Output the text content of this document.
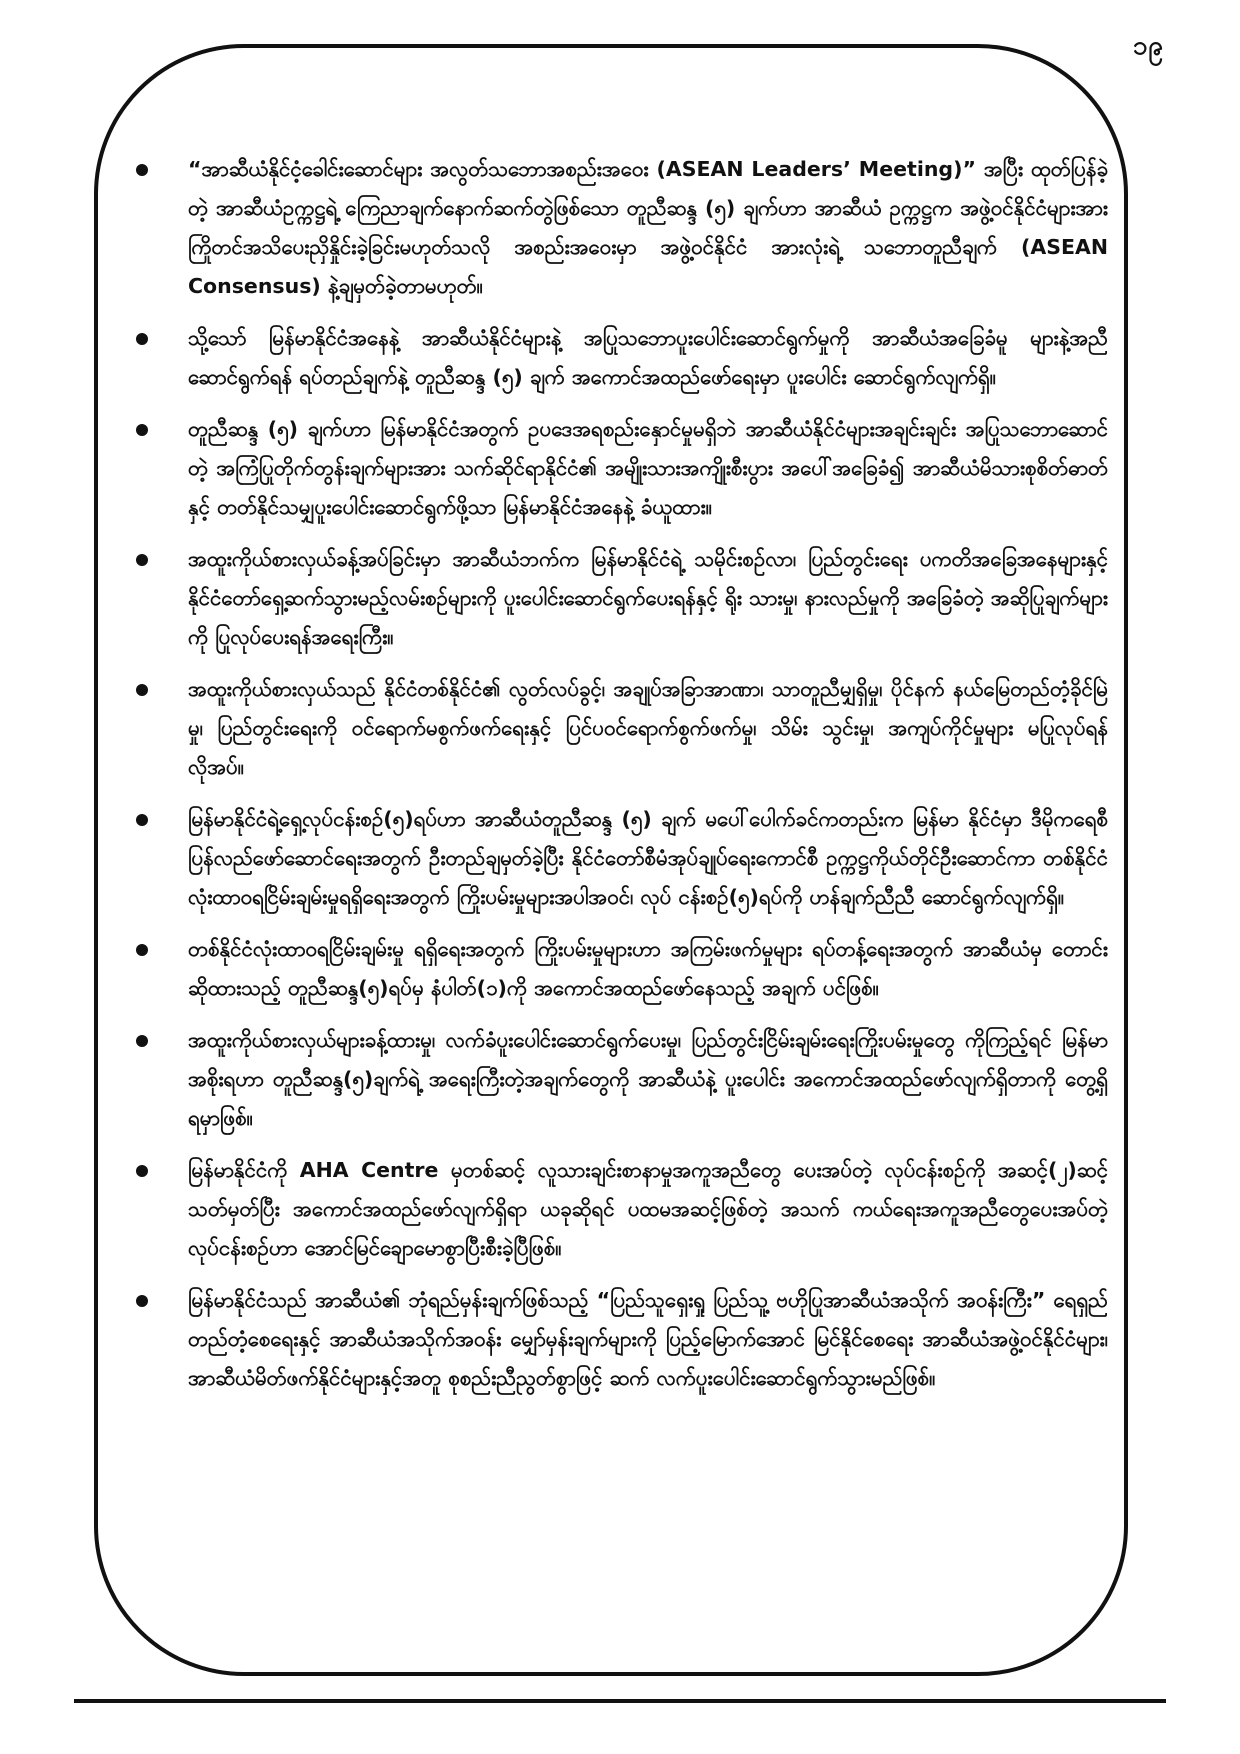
၁၉
“အာဆီယံနိုင်ငံ့ခေါင်းဆောင်များ အလွတ်သဘောအစည်းအဝေး (ASEAN Leaders’ Meeting)” အပြီး ထုတ်ပြန်ခဲ့တဲ့ အာဆီယံဥက္ကဋ္ဌရဲ့ ကြေညာချက်နောက်ဆက်တွဲဖြစ်သော တူညီဆန္ဒ (၅) ချက်ဟာ အာဆီယံ ဥက္ကဋ္ဌက အဖွဲ့ဝင်နိုင်ငံများအား ကြိုတင်အသိပေးညှိနှိုင်းခဲ့ခြင်းမဟုတ်သလို အစည်းအဝေးမှာ အဖွဲ့ဝင်နိုင်ငံ အားလုံးရဲ့ သဘောတူညီချက် (ASEAN Consensus) နဲ့ချမှတ်ခဲ့တာမဟုတ်။
သို့သော် မြန်မာနိုင်ငံအနေနဲ့ အာဆီယံနိုင်ငံများနဲ့ အပြုသဘောပူးပေါင်းဆောင်ရွက်မှုကို အာဆီယံအခြေခံမူ များနဲ့အညီ ဆောင်ရွက်ရန် ရပ်တည်ချက်နဲ့ တူညီဆန္ဒ (၅) ချက် အကောင်အထည်ဖော်ရေးမှာ ပူးပေါင်း ဆောင်ရွက်လျက်ရှိ။
တူညီဆန္ဒ (၅) ချက်ဟာ မြန်မာနိုင်ငံအတွက် ဥပဒေအရစည်းနှောင်မှုမရှိဘဲ အာဆီယံနိုင်ငံများအချင်းချင်း အပြုသဘောဆောင်တဲ့ အကြံပြုတိုက်တွန်းချက်များအား သက်ဆိုင်ရာနိုင်ငံ၏ အမျိုးသားအကျိုးစီးပွား အပေါ်အခြေခံ၍ အာဆီယံမိသားစုစိတ်ဓာတ်နှင့် တတ်နိုင်သမျှပူးပေါင်းဆောင်ရွက်ဖို့သာ မြန်မာနိုင်ငံအနေနဲ့ ခံယူထား။
အထူးကိုယ်စားလှယ်ခန့်အပ်ခြင်းမှာ အာဆီယံဘက်က မြန်မာနိုင်ငံရဲ့ သမိုင်းစဉ်လာ၊ ပြည်တွင်းရေး ပကတိအခြေအနေများနှင့် နိုင်ငံတော်ရှေ့ဆက်သွားမည့်လမ်းစဉ်များကို ပူးပေါင်းဆောင်ရွက်ပေးရန်နှင့် ရိုး သားမှု၊ နားလည်မှုကို အခြေခံတဲ့ အဆိုပြုချက်များကို ပြုလုပ်ပေးရန်အရေးကြီး။
အထူးကိုယ်စားလှယ်သည် နိုင်ငံတစ်နိုင်ငံ၏ လွတ်လပ်ခွင့်၊ အချုပ်အခြာအာဏာ၊ သာတူညီမျှရှိမှု၊ ပိုင်နက် နယ်မြေတည်တံ့ခိုင်မြဲမှု၊ ပြည်တွင်းရေးကို ဝင်ရောက်မစွက်ဖက်ရေးနှင့် ပြင်ပဝင်ရောက်စွက်ဖက်မှု၊ သိမ်း သွင်းမှု၊ အကျပ်ကိုင်မှုများ မပြုလုပ်ရန် လိုအပ်။
မြန်မာနိုင်ငံရဲ့ရှေ့လုပ်ငန်းစဉ်(၅)ရပ်ဟာ အာဆီယံတူညီဆန္ဒ (၅) ချက် မပေါ်ပေါက်ခင်ကတည်းက မြန်မာ နိုင်ငံမှာ ဒီမိုကရေစီပြန်လည်ဖော်ဆောင်ရေးအတွက် ဦးတည်ချမှတ်ခဲ့ပြီး နိုင်ငံတော်စီမံအုပ်ချုပ်ရေးကောင်စီ ဥက္ကဋ္ဌကိုယ်တိုင်ဦးဆောင်ကာ တစ်နိုင်ငံလုံးထာဝရငြိမ်းချမ်းမှုရရှိရေးအတွက် ကြိုးပမ်းမှုများအပါအဝင်၊ လုပ် ငန်းစဉ်(၅)ရပ်ကို ဟန်ချက်ညီညီ ဆောင်ရွက်လျက်ရှိ။
တစ်နိုင်ငံလုံးထာဝရငြိမ်းချမ်းမှု ရရှိရေးအတွက် ကြိုးပမ်းမှုများဟာ အကြမ်းဖက်မှုများ ရပ်တန့်ရေးအတွက် အာဆီယံမှ တောင်းဆိုထားသည့် တူညီဆန္ဒ(၅)ရပ်မှ နံပါတ်(၁)ကို အကောင်အထည်ဖော်နေသည့် အချက် ပင်ဖြစ်။
အထူးကိုယ်စားလှယ်များခန့်ထားမှု၊ လက်ခံပူးပေါင်းဆောင်ရွက်ပေးမှု၊ ပြည်တွင်းငြိမ်းချမ်းရေးကြိုးပမ်းမှုတွေ ကိုကြည့်ရင် မြန်မာအစိုးရဟာ တူညီဆန္ဒ(၅)ချက်ရဲ့ အရေးကြီးတဲ့အချက်တွေကို အာဆီယံနဲ့ ပူးပေါင်း အကောင်အထည်ဖော်လျက်ရှိတာကို တွေ့ရှိရမှာဖြစ်။
မြန်မာနိုင်ငံကို AHA Centre မှတစ်ဆင့် လူသားချင်းစာနာမှုအကူအညီတွေ ပေးအပ်တဲ့ လုပ်ငန်းစဉ်ကို အဆင့်(၂)ဆင့်သတ်မှတ်ပြီး အကောင်အထည်ဖော်လျက်ရှိရာ ယခုဆိုရင် ပထမအဆင့်ဖြစ်တဲ့ အသက် ကယ်ရေးအကူအညီတွေပေးအပ်တဲ့ လုပ်ငန်းစဉ်ဟာ အောင်မြင်ချောမောစွာပြီးစီးခဲ့ပြီဖြစ်။
မြန်မာနိုင်ငံသည် အာဆီယံ၏ ဘုံရည်မှန်းချက်ဖြစ်သည့် “ပြည်သူရှေးရှု ပြည်သူ့ ဗဟိုပြုအာဆီယံအသိုက် အဝန်းကြီး” ရေရှည်တည်တံ့စေရေးနှင့် အာဆီယံအသိုက်အဝန်း မျှော်မှန်းချက်များကို ပြည့်မြောက်အောင် မြင်နိုင်စေရေး အာဆီယံအဖွဲ့ဝင်နိုင်ငံများ၊ အာဆီယံမိတ်ဖက်နိုင်ငံများနှင့်အတူ စုစည်းညီညွတ်စွာဖြင့် ဆက် လက်ပူးပေါင်းဆောင်ရွက်သွားမည်ဖြစ်။
